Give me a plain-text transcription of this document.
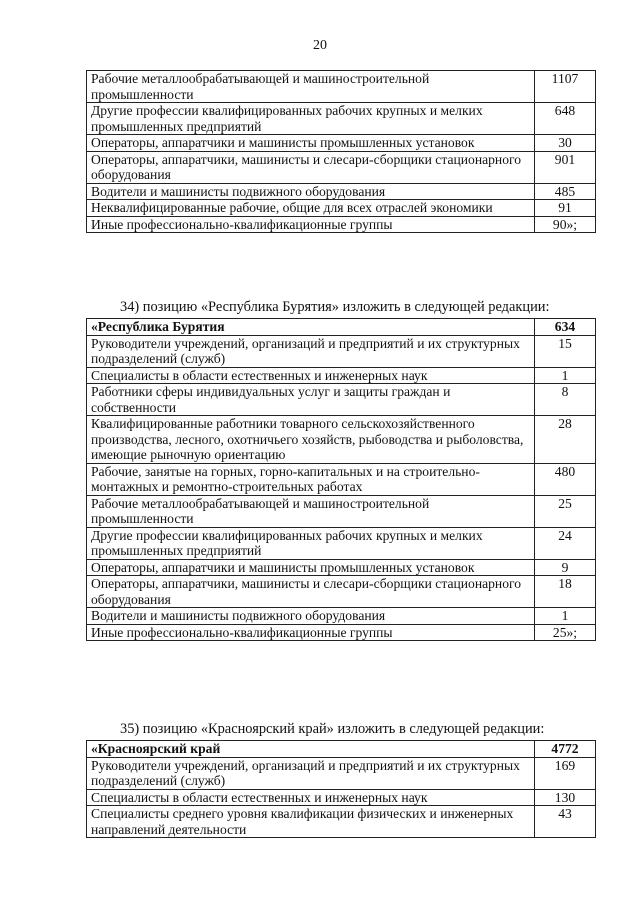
20
Рабочие металлообрабатывающей и машиностроительной промышленности	1107
Другие профессии квалифицированных рабочих крупных и мелких промышленных предприятий	648
Операторы, аппаратчики и машинисты промышленных установок	30
Операторы, аппаратчики, машинисты и слесари-сборщики стационарного оборудования	901
Водители и машинисты подвижного оборудования	485
Неквалифицированные рабочие, общие для всех отраслей экономики	91
Иные профессионально-квалификационные группы	90»;
34) позицию «Республика Бурятия» изложить в следующей редакции:
«Республика Бурятия	634
Руководители учреждений, организаций и предприятий и их структурных подразделений (служб)	15
Специалисты в области естественных и инженерных наук	1
Работники сферы индивидуальных услуг и защиты граждан и собственности	8
Квалифицированные работники товарного сельскохозяйственного производства, лесного, охотничьего хозяйств, рыбоводства и рыболовства, имеющие рыночную ориентацию	28
Рабочие, занятые на горных, горно-капитальных и на строительно-монтажных и ремонтно-строительных работах	480
Рабочие металлообрабатывающей и машиностроительной промышленности	25
Другие профессии квалифицированных рабочих крупных и мелких промышленных предприятий	24
Операторы, аппаратчики и машинисты промышленных установок	9
Операторы, аппаратчики, машинисты и слесари-сборщики стационарного оборудования	18
Водители и машинисты подвижного оборудования	1
Иные профессионально-квалификационные группы	25»;
35) позицию «Красноярский край» изложить в следующей редакции:
«Красноярский край	4772
Руководители учреждений, организаций и предприятий и их структурных подразделений (служб)	169
Специалисты в области естественных и инженерных наук	130
Специалисты среднего уровня квалификации физических и инженерных направлений деятельности	43
